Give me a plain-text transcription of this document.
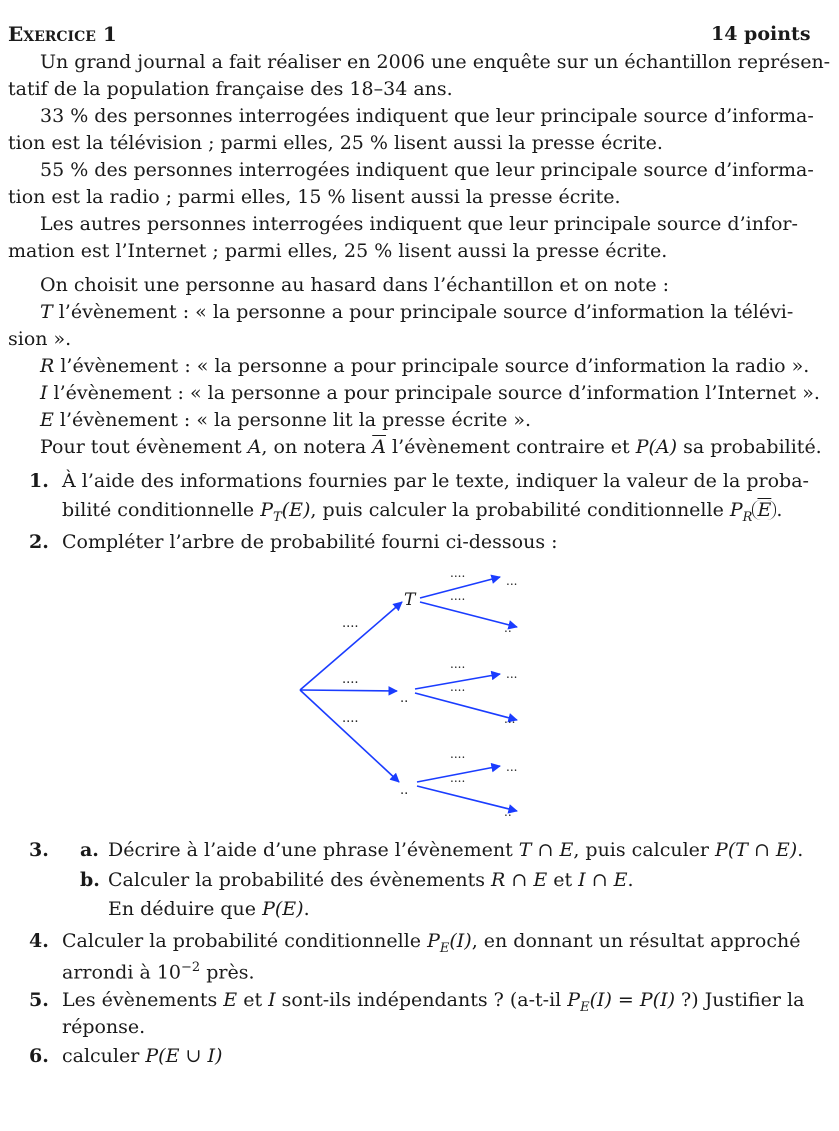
Exercice 1	14 points
Un grand journal a fait réaliser en 2006 une enquête sur un échantillon représen-
tatif de la population française des 18–34 ans.
33 % des personnes interrogées indiquent que leur principale source d’informa-
tion est la télévision ; parmi elles, 25 % lisent aussi la presse écrite.
55 % des personnes interrogées indiquent que leur principale source d’informa-
tion est la radio ; parmi elles, 15 % lisent aussi la presse écrite.
Les autres personnes interrogées indiquent que leur principale source d’infor-
mation est l’Internet ; parmi elles, 25 % lisent aussi la presse écrite.
On choisit une personne au hasard dans l’échantillon et on note :
T l’évènement : « la personne a pour principale source d’information la télévi-
sion ».
R l’évènement : « la personne a pour principale source d’information la radio ».
I l’évènement : « la personne a pour principale source d’information l’Internet ».
E l’évènement : « la personne lit la presse écrite ».
Pour tout évènement A, on notera $\overline{A}$ l’évènement contraire et P(A) sa probabilité.
1. À l’aide des informations fournies par le texte, indiquer la valeur de la proba-
bilité conditionnelle $P_T(E)$, puis calculer la probabilité conditionnelle $P_R$ $\overline{E}$ .
2. Compléter l’arbre de probabilité fourni ci-dessous :
....
T
....
..
....
..
....
....
....
....
....
....
...
..
...
...
...
..
3. a. Décrire à l’aide d’une phrase l’évènement T ∩ E, puis calculer P(T ∩ E).
b. Calculer la probabilité des évènements R ∩ E et I ∩ E.
En déduire que P(E).
4. Calculer la probabilité conditionnelle $P_E(I)$, en donnant un résultat approché
arrondi à $10^{-2}$ près.
5. Les évènements E et I sont-ils indépendants ? (a-t-il $P_E(I) = P(I)$ ?) Justifier la
réponse.
6. calculer P(E ∪ I)
